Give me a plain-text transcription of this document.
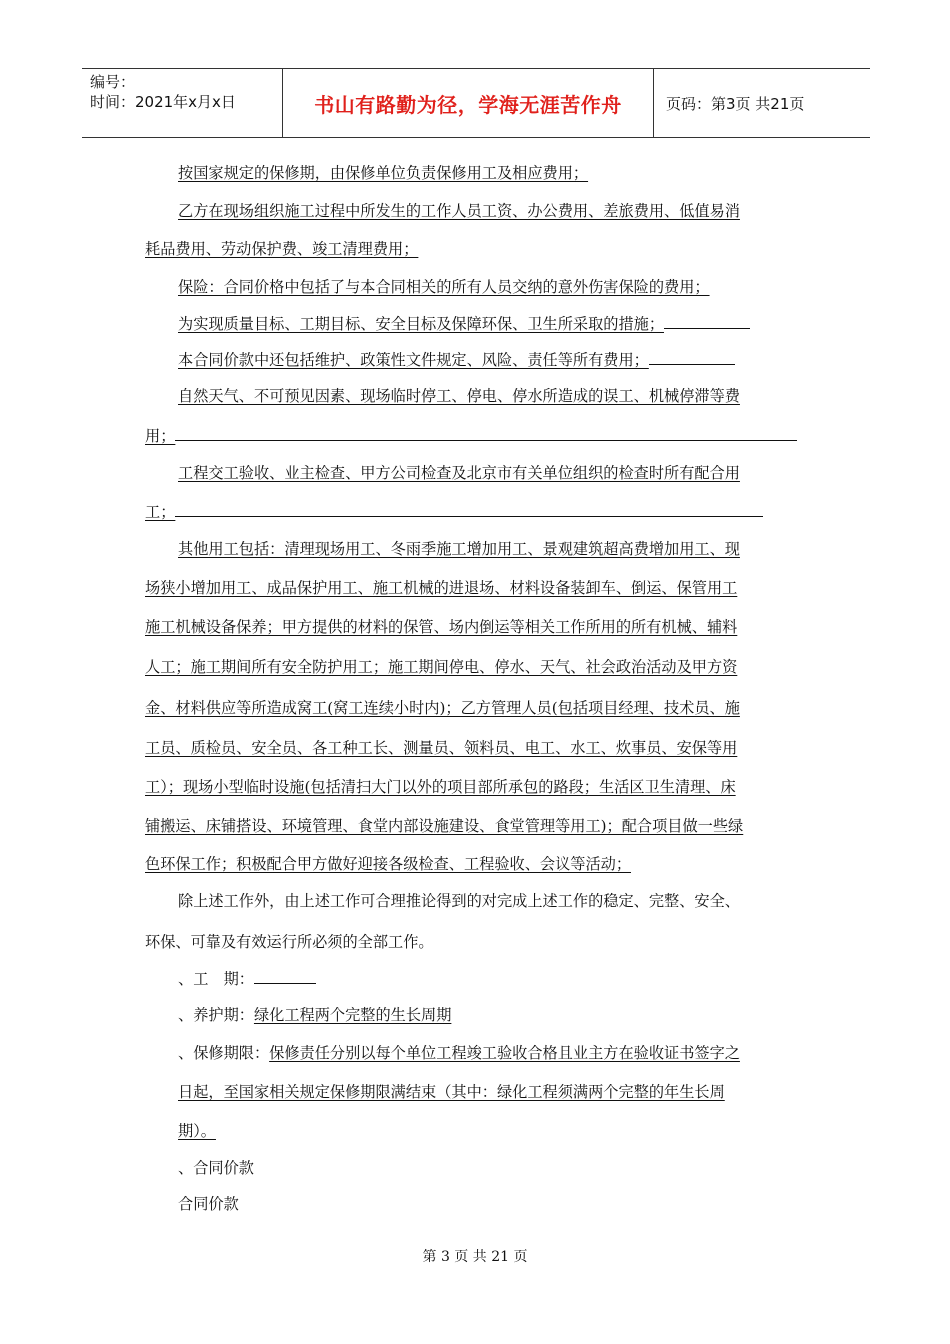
编号：
时间：2021年x月x日	书山有路勤为径，学海无涯苦作舟	页码：第3页 共21页
按国家规定的保修期，由保修单位负责保修用工及相应费用；
乙方在现场组织施工过程中所发生的工作人员工资、办公费用、差旅费用、低值易消
耗品费用、劳动保护费、竣工清理费用；
保险：合同价格中包括了与本合同相关的所有人员交纳的意外伤害保险的费用；
为实现质量目标、工期目标、安全目标及保障环保、卫生所采取的措施；
本合同价款中还包括维护、政策性文件规定、风险、责任等所有费用；
自然天气、不可预见因素、现场临时停工、停电、停水所造成的误工、机械停滞等费
用；
工程交工验收、业主检查、甲方公司检查及北京市有关单位组织的检查时所有配合用
工；
其他用工包括：清理现场用工、冬雨季施工增加用工、景观建筑超高费增加用工、现
场狭小增加用工、成品保护用工、施工机械的进退场、材料设备装卸车、倒运、保管用工
施工机械设备保养；甲方提供的材料的保管、场内倒运等相关工作所用的所有机械、辅料
人工；施工期间所有安全防护用工；施工期间停电、停水、天气、社会政治活动及甲方资
金、材料供应等所造成窝工(窝工连续小时内)；乙方管理人员(包括项目经理、技术员、施
工员、质检员、安全员、各工种工长、测量员、领料员、电工、水工、炊事员、安保等用
工）；现场小型临时设施(包括清扫大门以外的项目部所承包的路段；生活区卫生清理、床
铺搬运、床铺搭设、环境管理、食堂内部设施建设、食堂管理等用工)；配合项目做一些绿
色环保工作；积极配合甲方做好迎接各级检查、工程验收、会议等活动；
除上述工作外，由上述工作可合理推论得到的对完成上述工作的稳定、完整、安全、
环保、可靠及有效运行所必须的全部工作。
、工　期：
、养护期：绿化工程两个完整的生长周期
、保修期限：保修责任分别以每个单位工程竣工验收合格且业主方在验收证书签字之
日起，至国家相关规定保修期限满结束（其中：绿化工程须满两个完整的年生长周
期）。
、合同价款
合同价款
第 3 页 共 21 页
